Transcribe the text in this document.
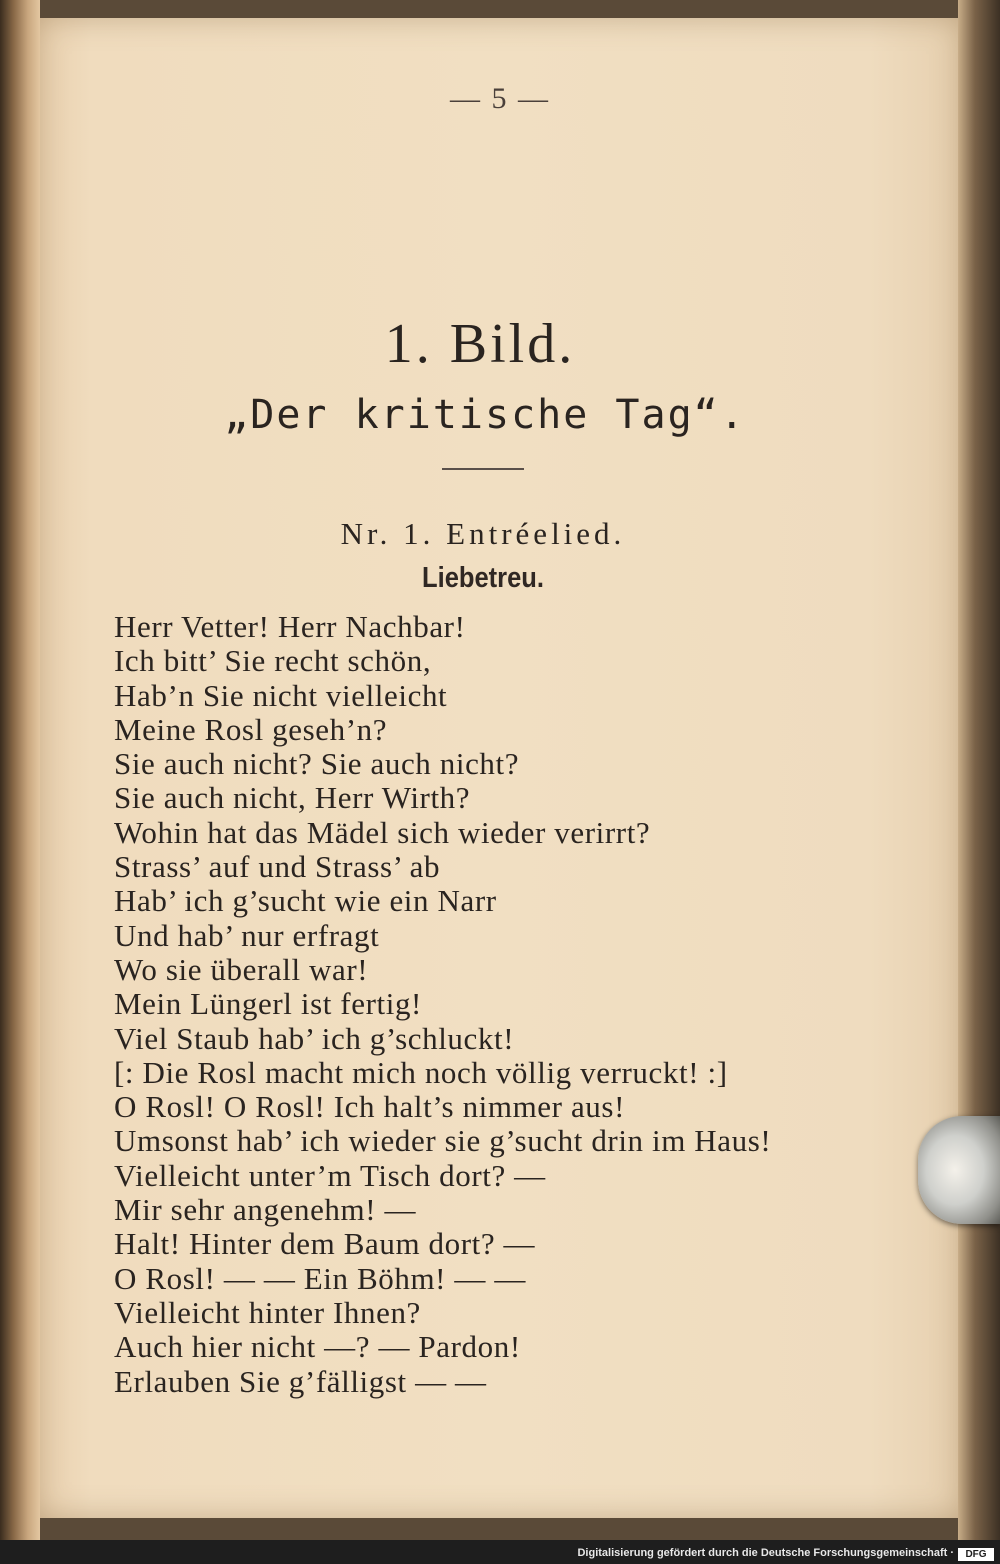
— 5 —
1. Bild.
„Der kritische Tag“.
Nr. 1. Entréelied.
Liebetreu.
Herr Vetter! Herr Nachbar!
Ich bitt’ Sie recht schön,
Hab’n Sie nicht vielleicht
Meine Rosl geseh’n?
Sie auch nicht? Sie auch nicht?
Sie auch nicht, Herr Wirth?
Wohin hat das Mädel sich wieder verirrt?
Strass’ auf und Strass’ ab
Hab’ ich g’sucht wie ein Narr
Und hab’ nur erfragt
Wo sie überall war!
Mein Lüngerl ist fertig!
Viel Staub hab’ ich g’schluckt!
[: Die Rosl macht mich noch völlig verruckt! :]
O Rosl! O Rosl! Ich halt’s nimmer aus!
Umsonst hab’ ich wieder sie g’sucht drin im Haus!
Vielleicht unter’m Tisch dort? —
Mir sehr angenehm! —
Halt! Hinter dem Baum dort? —
O Rosl! — — Ein Böhm! — —
Vielleicht hinter Ihnen?
Auch hier nicht —? — Pardon!
Erlauben Sie g’fälligst — —
Digitalisierung gefördert durch die Deutsche Forschungsgemeinschaft ·	DFG
